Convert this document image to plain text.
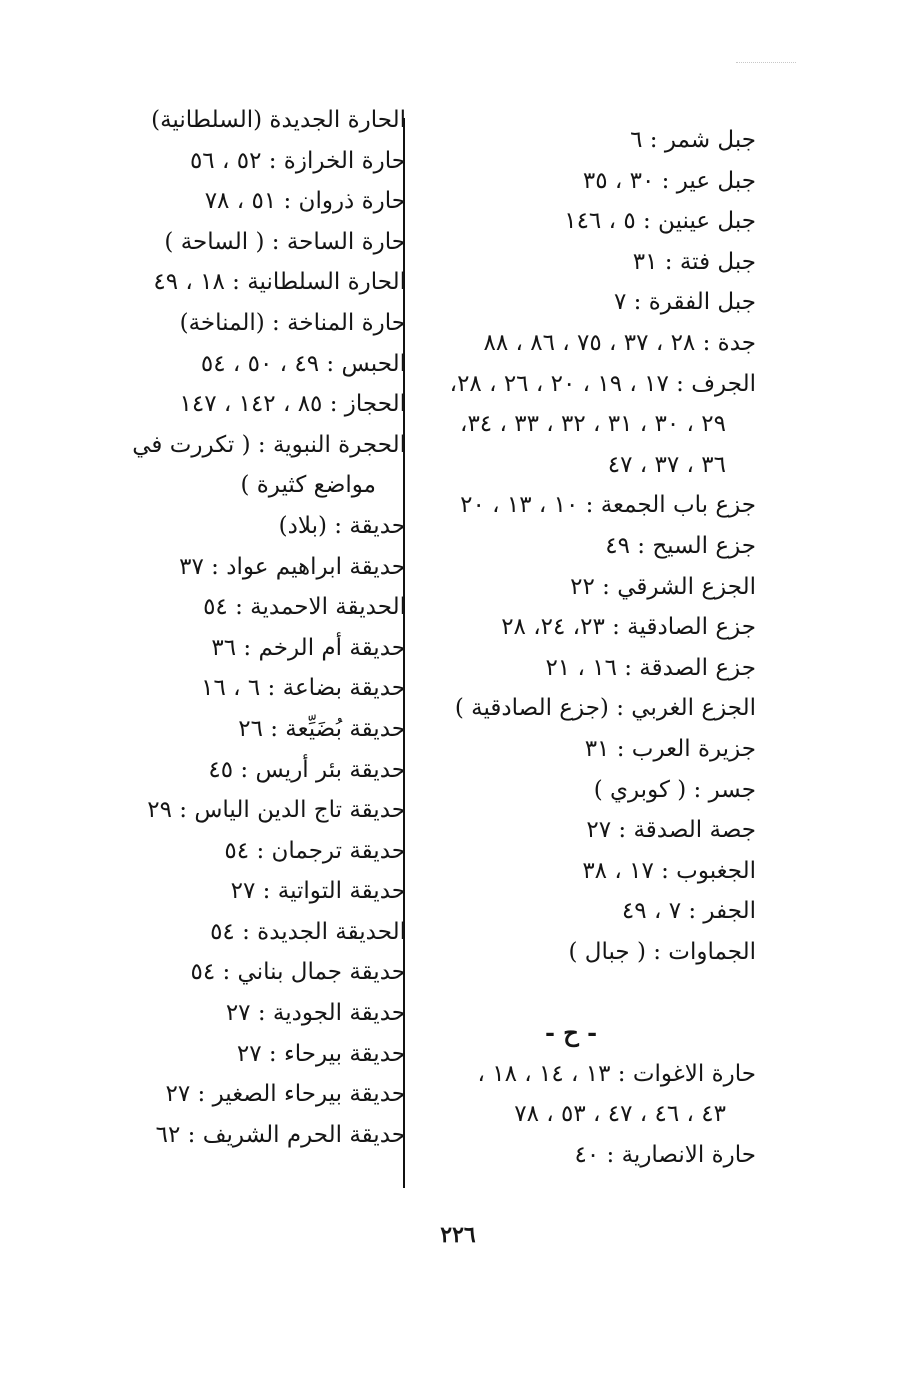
جبل شمر : ٦
جبل عير : ٣٠ ، ٣٥
جبل عينين : ٥ ، ١٤٦
جبل فتة : ٣١
جبل الفقرة : ٧
جدة : ٢٨ ، ٣٧ ، ٧٥ ، ٨٦ ، ٨٨
الجرف : ١٧ ، ١٩ ، ٢٠ ، ٢٦ ، ٢٨،
٢٩ ، ٣٠ ، ٣١ ، ٣٢ ، ٣٣ ، ٣٤،
٣٦ ، ٣٧ ، ٤٧
جزع باب الجمعة : ١٠ ، ١٣ ، ٢٠
جزع السيح : ٤٩
الجزع الشرقي : ٢٢
جزع الصادقية : ٢٣، ٢٤، ٢٨
جزع الصدقة : ١٦ ، ٢١
الجزع الغربي : (جزع الصادقية )
جزيرة العرب : ٣١
جسر : ( كوبري )
جصة الصدقة : ٢٧
الجغبوب : ١٧ ، ٣٨
الجفر : ٧ ، ٤٩
الجماوات : ( جبال )
- ح -
حارة الاغوات : ١٣ ، ١٤ ، ١٨ ،
٤٣ ، ٤٦ ، ٤٧ ، ٥٣ ، ٧٨
حارة الانصارية : ٤٠
الحارة الجديدة (السلطانية)
حارة الخرازة : ٥٢ ، ٥٦
حارة ذروان : ٥١ ، ٧٨
حارة الساحة : ( الساحة )
الحارة السلطانية : ١٨ ، ٤٩
حارة المناخة : (المناخة)
الحبس : ٤٩ ، ٥٠ ، ٥٤
الحجاز : ٨٥ ، ١٤٢ ، ١٤٧
الحجرة النبوية : ( تكررت في
مواضع كثيرة )
حديقة : (بلاد)
حديقة ابراهيم عواد : ٣٧
الحديقة الاحمدية : ٥٤
حديقة أم الرخم : ٣٦
حديقة بضاعة : ٦ ، ١٦
حديقة بُضَيِّعة : ٢٦
حديقة بئر أريس : ٤٥
حديقة تاج الدين الياس : ٢٩
حديقة ترجمان : ٥٤
حديقة التواتية : ٢٧
الحديقة الجديدة : ٥٤
حديقة جمال بناني : ٥٤
حديقة الجودية : ٢٧
حديقة بيرحاء : ٢٧
حديقة بيرحاء الصغير : ٢٧
حديقة الحرم الشريف : ٦٢
٢٢٦
